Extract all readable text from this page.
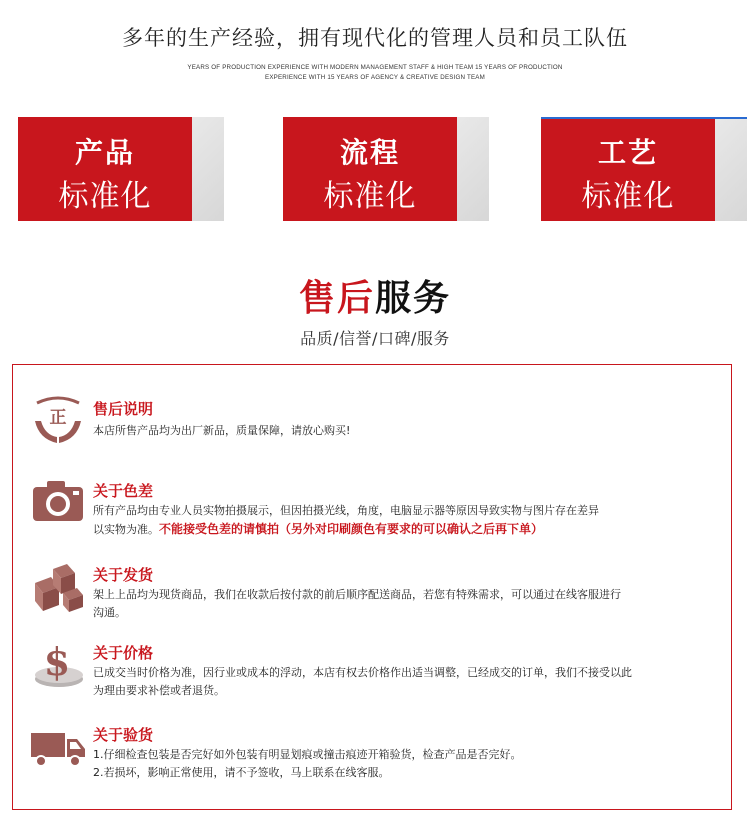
多年的生产经验，拥有现代化的管理人员和员工队伍
YEARS OF PRODUCTION EXPERIENCE WITH MODERN MANAGEMENT STAFF & HIGH TEAM 15 YEARS OF PRODUCTION
EXPERIENCE WITH 15 YEARS OF AGENCY & CREATIVE DESIGN TEAM
产品
标准化
流程
标准化
工艺
标准化
售后服务
品质/信誉/口碑/服务
正 售后说明
本店所售产品均为出厂新品，质量保障，请放心购买!
关于色差
所有产品均由专业人员实物拍摄展示，但因拍摄光线，角度，电脑显示器等原因导致实物与图片存在差异
以实物为准。不能接受色差的请慎拍（另外对印刷颜色有要求的可以确认之后再下单）
关于发货
架上上品均为现货商品，我们在收款后按付款的前后顺序配送商品，若您有特殊需求，可以通过在线客服进行
沟通。
$ 关于价格
已成交当时价格为准，因行业或成本的浮动，本店有权去价格作出适当调整，已经成交的订单，我们不接受以此
为理由要求补偿或者退货。
关于验货
1.仔细检查包装是否完好如外包装有明显划痕或撞击痕迹开箱验货，检查产品是否完好。
2.若损坏，影响正常使用，请不予签收，马上联系在线客服。
